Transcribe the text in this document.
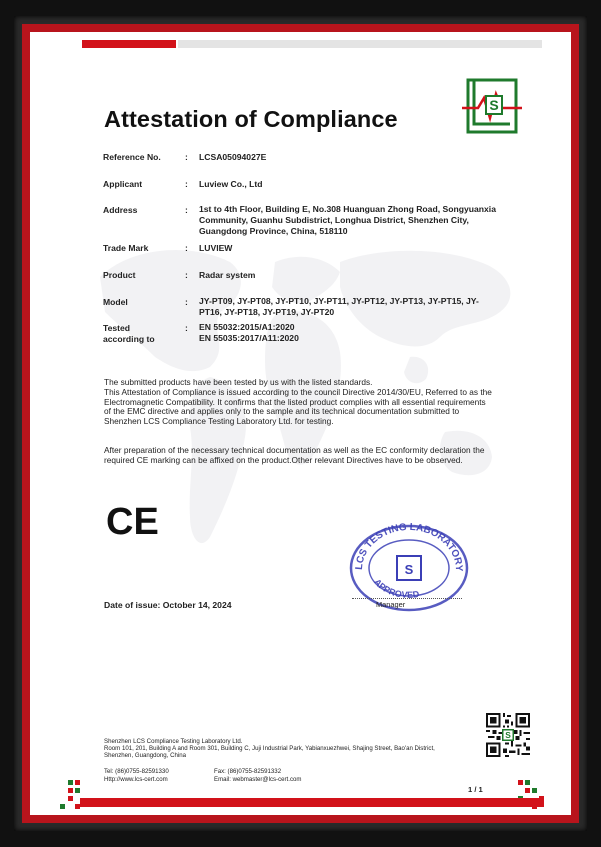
S
Attestation of Compliance
Reference No.	: LCSA05094027E
Applicant	: Luview Co., Ltd
Address	: 1st to 4th Floor, Building E, No.308 Huanguan Zhong Road, Songyuanxia Community, Guanhu Subdistrict, Longhua District, Shenzhen City, Guangdong Province, China, 518110
Trade Mark	: LUVIEW
Product	: Radar system
Model	: JY-PT09, JY-PT08, JY-PT10, JY-PT11, JY-PT12, JY-PT13, JY-PT15, JY-PT16, JY-PT18, JY-PT19, JY-PT20
Tested according to
: EN 55032:2015/A1:2020
EN 55035:2017/A11:2020
The submitted products have been tested by us with the listed standards.
This Attestation of Compliance is issued according to the council Directive 2014/30/EU, Referred to as the Electromagnetic Compatibility. It confirms that the listed product complies with all essential requirements of the EMC directive and applies only to the sample and its technical documentation submitted to Shenzhen LCS Compliance Testing Laboratory Ltd. for testing.
After preparation of the necessary technical documentation as well as the EC conformity declaration the required CE marking can be affixed on the product.Other relevant Directives have to be observed.
CE
LCS TESTING LABORATORY
APPROVED
S
Date of issue: October 14, 2024	Manager
Shenzhen LCS Compliance Testing Laboratory Ltd.
Room 101, 201, Building A and Room 301, Building C, Juji Industrial Park, Yabianxuezhwei, Shajing Street, Bao'an District, Shenzhen, Guangdong, China
Tel: (86)0755-82591330	Fax: (86)0755-82591332
Http://www.lcs-cert.com	Email: webmaster@lcs-cert.com
S
1 / 1
